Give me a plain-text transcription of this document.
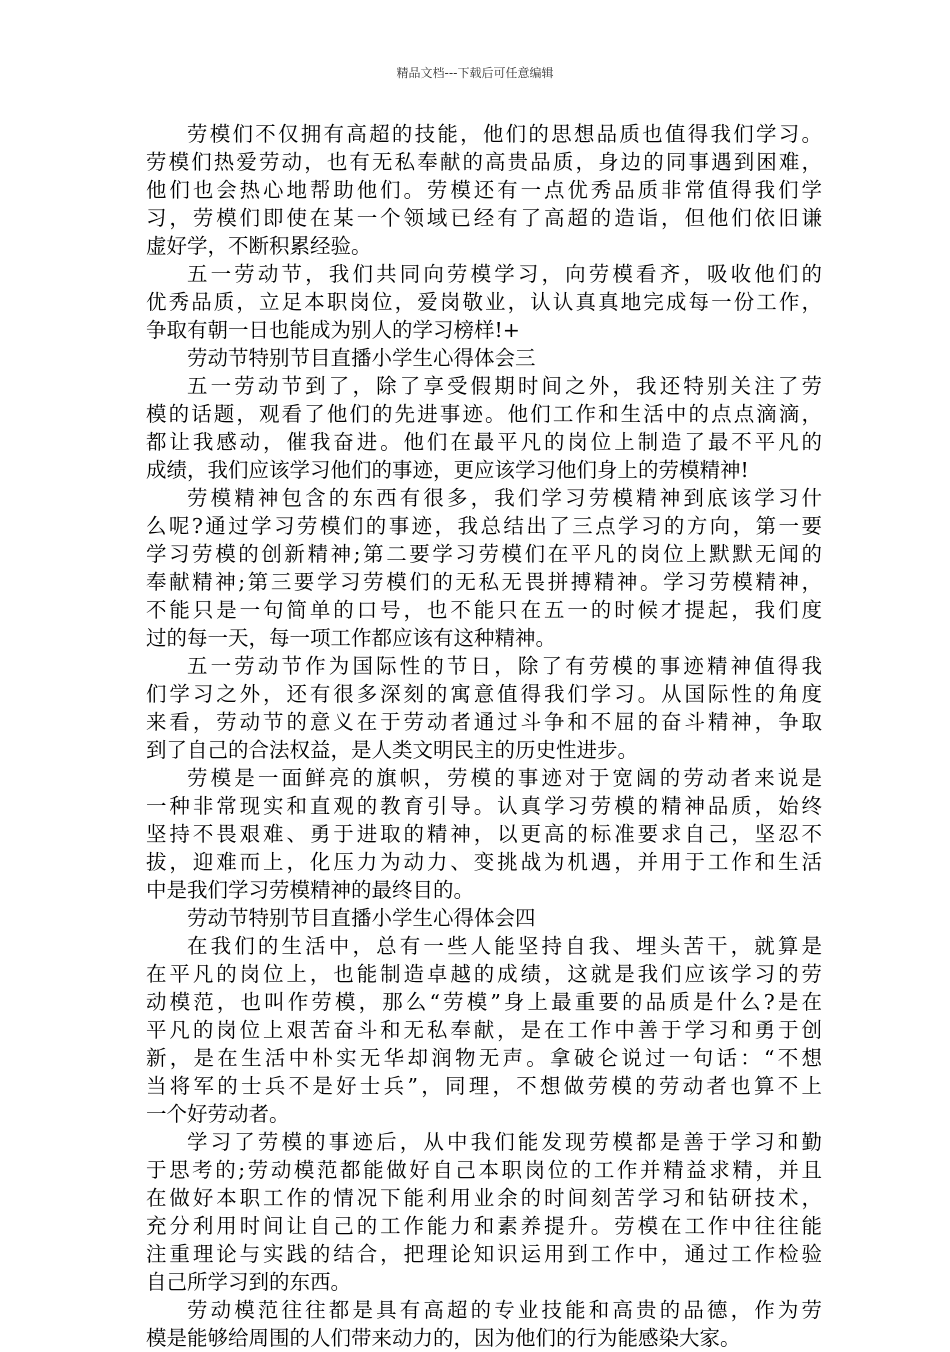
精品文档---下载后可任意编辑
劳模们不仅拥有高超的技能，他们的思想品质也值得我们学习。
劳模们热爱劳动，也有无私奉献的高贵品质，身边的同事遇到困难，
他们也会热心地帮助他们。劳模还有一点优秀品质非常值得我们学
习，劳模们即使在某一个领域已经有了高超的造诣，但他们依旧谦
虚好学，不断积累经验。
五一劳动节，我们共同向劳模学习，向劳模看齐，吸收他们的
优秀品质，立足本职岗位，爱岗敬业，认认真真地完成每一份工作，
争取有朝一日也能成为别人的学习榜样!+
劳动节特别节目直播小学生心得体会三
五一劳动节到了，除了享受假期时间之外，我还特别关注了劳
模的话题，观看了他们的先进事迹。他们工作和生活中的点点滴滴，
都让我感动，催我奋进。他们在最平凡的岗位上制造了最不平凡的
成绩，我们应该学习他们的事迹，更应该学习他们身上的劳模精神!
劳模精神包含的东西有很多，我们学习劳模精神到底该学习什
么呢?通过学习劳模们的事迹，我总结出了三点学习的方向，第一要
学习劳模的创新精神;第二要学习劳模们在平凡的岗位上默默无闻的
奉献精神;第三要学习劳模们的无私无畏拼搏精神。学习劳模精神，
不能只是一句简单的口号，也不能只在五一的时候才提起，我们度
过的每一天，每一项工作都应该有这种精神。
五一劳动节作为国际性的节日，除了有劳模的事迹精神值得我
们学习之外，还有很多深刻的寓意值得我们学习。从国际性的角度
来看，劳动节的意义在于劳动者通过斗争和不屈的奋斗精神，争取
到了自己的合法权益，是人类文明民主的历史性进步。
劳模是一面鲜亮的旗帜，劳模的事迹对于宽阔的劳动者来说是
一种非常现实和直观的教育引导。认真学习劳模的精神品质，始终
坚持不畏艰难、勇于进取的精神，以更高的标准要求自己，坚忍不
拔，迎难而上，化压力为动力、变挑战为机遇，并用于工作和生活
中是我们学习劳模精神的最终目的。
劳动节特别节目直播小学生心得体会四
在我们的生活中，总有一些人能坚持自我、埋头苦干，就算是
在平凡的岗位上，也能制造卓越的成绩，这就是我们应该学习的劳
动模范，也叫作劳模，那么“劳模”身上最重要的品质是什么?是在
平凡的岗位上艰苦奋斗和无私奉献，是在工作中善于学习和勇于创
新，是在生活中朴实无华却润物无声。拿破仑说过一句话：“不想
当将军的士兵不是好士兵”，同理，不想做劳模的劳动者也算不上
一个好劳动者。
学习了劳模的事迹后，从中我们能发现劳模都是善于学习和勤
于思考的;劳动模范都能做好自己本职岗位的工作并精益求精，并且
在做好本职工作的情况下能利用业余的时间刻苦学习和钻研技术，
充分利用时间让自己的工作能力和素养提升。劳模在工作中往往能
注重理论与实践的结合，把理论知识运用到工作中，通过工作检验
自己所学习到的东西。
劳动模范往往都是具有高超的专业技能和高贵的品德，作为劳
模是能够给周围的人们带来动力的，因为他们的行为能感染大家。
